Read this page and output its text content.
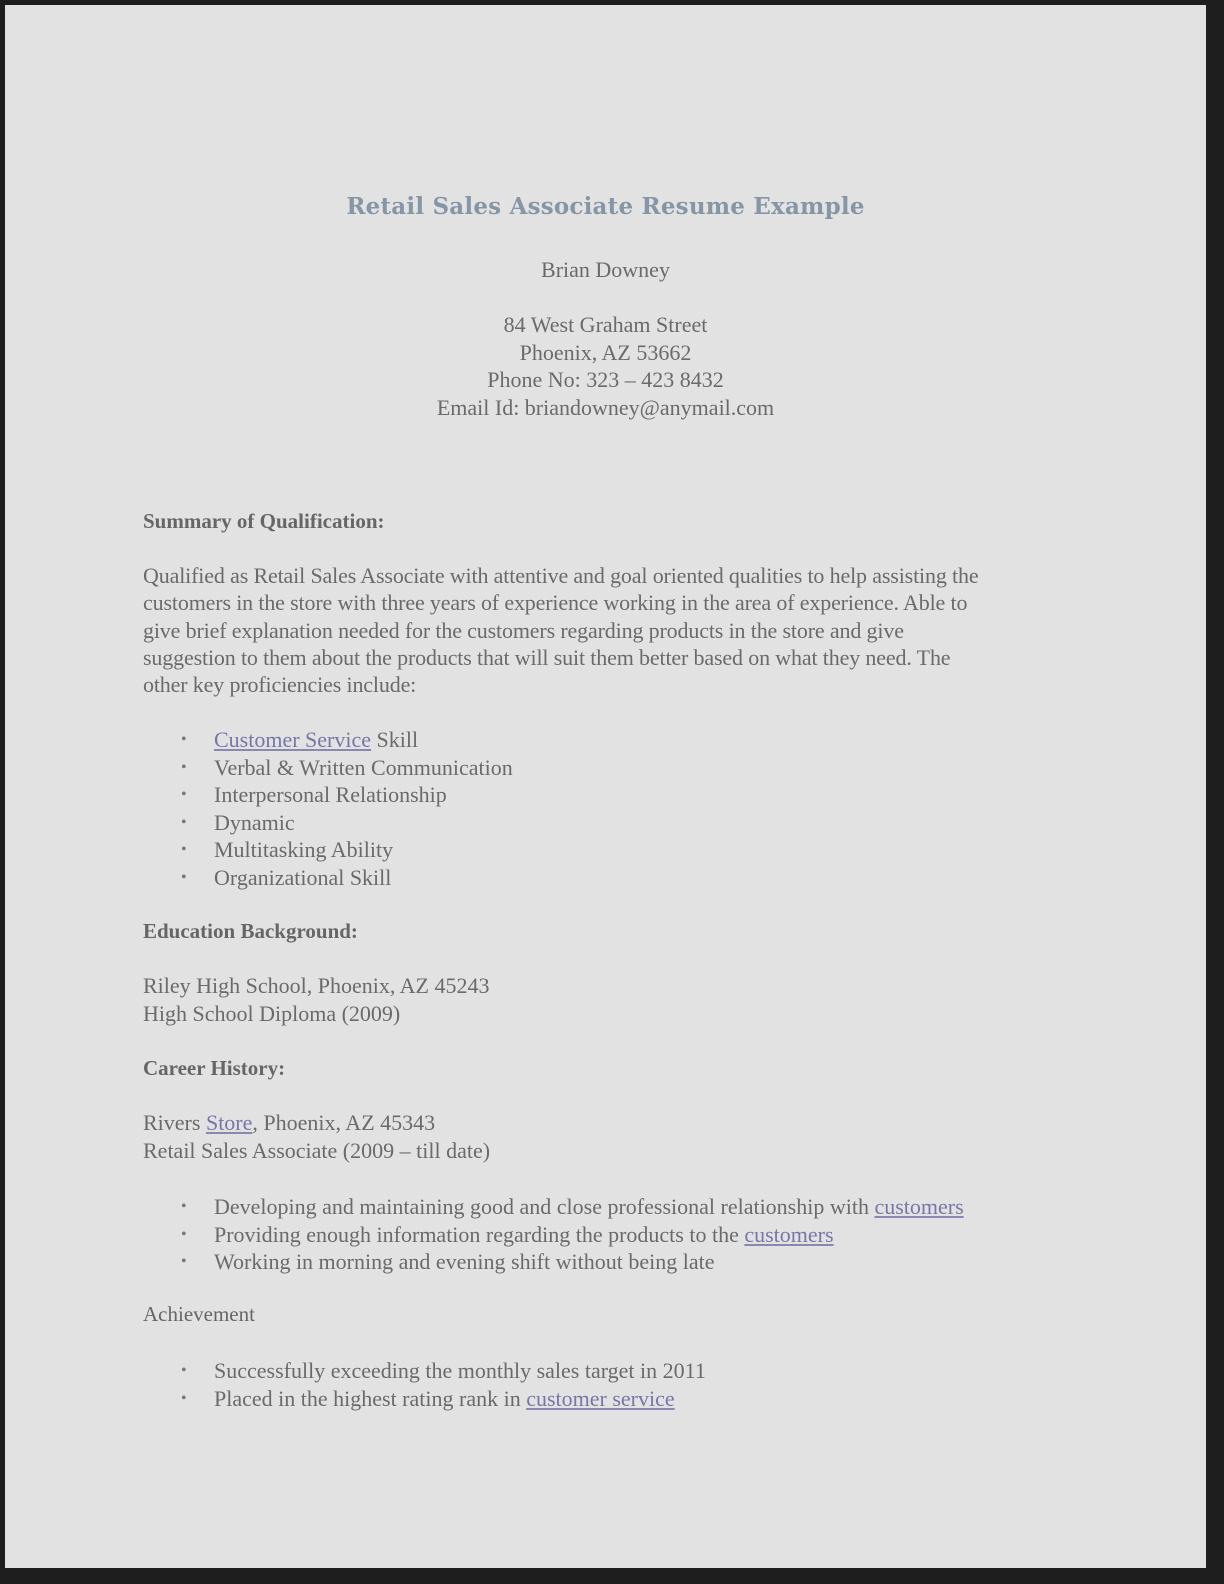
Retail Sales Associate Resume Example
Brian Downey
84 West Graham Street
Phoenix, AZ 53662
Phone No: 323 – 423 8432
Email Id: briandowney@anymail.com

Summary of Qualification:

Qualified as Retail Sales Associate with attentive and goal oriented qualities to help assisting the
customers in the store with three years of experience working in the area of experience. Able to
give brief explanation needed for the customers regarding products in the store and give
suggestion to them about the products that will suit them better based on what they need. The
other key proficiencies include:
• Customer Service Skill
• Verbal & Written Communication
• Interpersonal Relationship
• Dynamic
• Multitasking Ability
• Organizational Skill

Education Background:

Riley High School, Phoenix, AZ 45243
High School Diploma (2009)

Career History:

Rivers Store, Phoenix, AZ 45343
Retail Sales Associate (2009 – till date)
• Developing and maintaining good and close professional relationship with customers
• Providing enough information regarding the products to the customers
• Working in morning and evening shift without being late

Achievement

• Successfully exceeding the monthly sales target in 2011
• Placed in the highest rating rank in customer service
